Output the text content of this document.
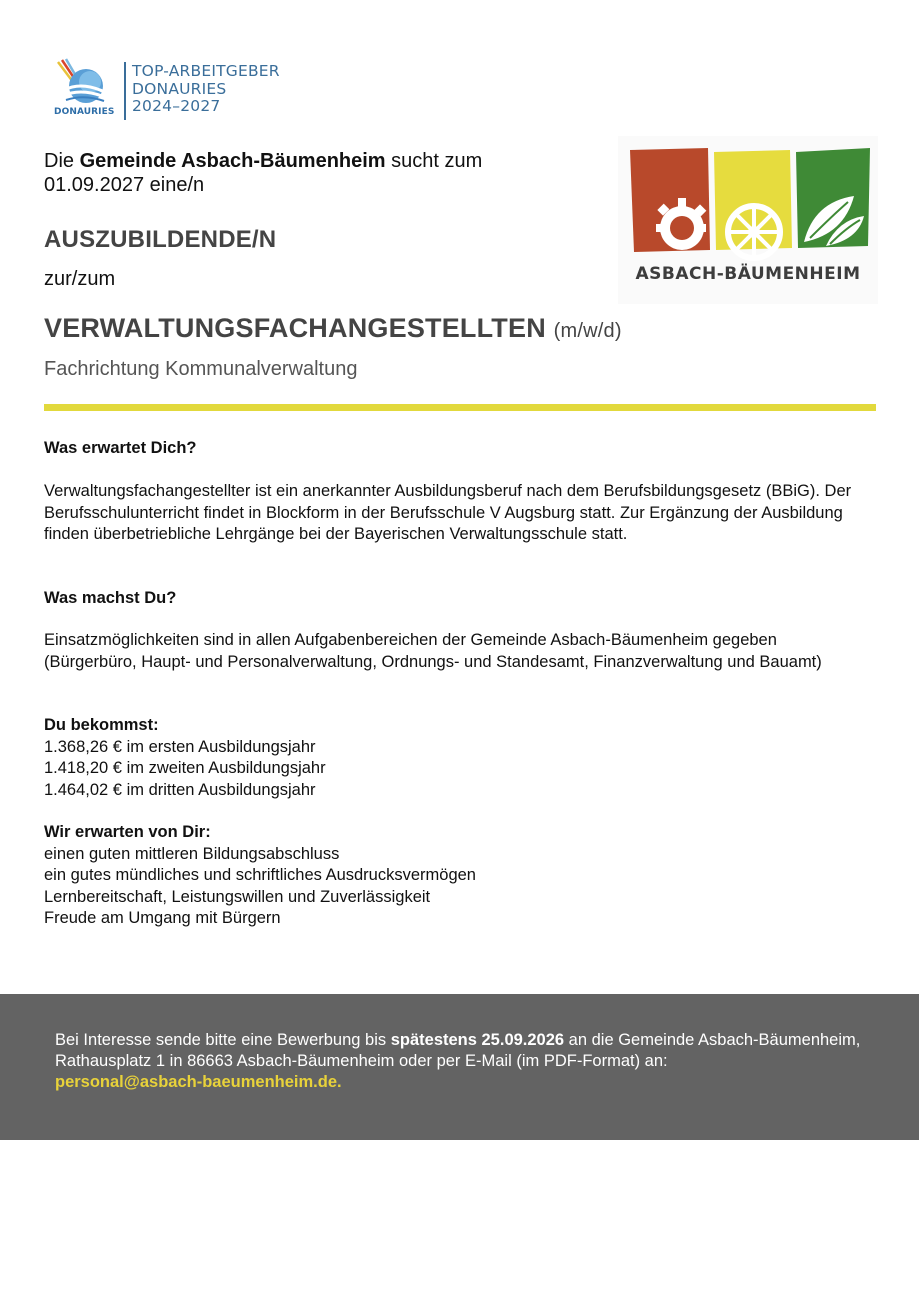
TOP-ARBEITGEBER
DONAURIES
2024–2027
DONAURIES
ASBACH-BÄUMENHEIM
Die Gemeinde Asbach-Bäumenheim sucht zum
01.09.2027 eine/n
AUSZUBILDENDE/N
zur/zum
VERWALTUNGSFACHANGESTELLTEN (m/w/d)
Fachrichtung Kommunalverwaltung

Was erwartet Dich?

Verwaltungsfachangestellter ist ein anerkannter Ausbildungsberuf nach dem Berufsbildungsgesetz (BBiG). Der Berufsschulunterricht findet in Blockform in der Berufsschule V Augsburg statt. Zur Ergänzung der Ausbildung finden überbetriebliche Lehrgänge bei der Bayerischen Verwaltungsschule statt.

Was machst Du?

Einsatzmöglichkeiten sind in allen Aufgabenbereichen der Gemeinde Asbach-Bäumenheim gegeben (Bürgerbüro, Haupt- und Personalverwaltung, Ordnungs- und Standesamt, Finanzverwaltung und Bauamt)

Du bekommst:

1.368,26 € im ersten Ausbildungsjahr

1.418,20 € im zweiten Ausbildungsjahr

1.464,02 € im dritten Ausbildungsjahr

Wir erwarten von Dir:

einen guten mittleren Bildungsabschluss

ein gutes mündliches und schriftliches Ausdrucksvermögen

Lernbereitschaft, Leistungswillen und Zuverlässigkeit

Freude am Umgang mit Bürgern

Bei Interesse sende bitte eine Bewerbung bis spätestens 25.09.2026 an die Gemeinde Asbach-Bäumenheim, Rathausplatz 1 in 86663 Asbach-Bäumenheim oder per E-Mail (im PDF-Format) an:
personal@asbach-baeumenheim.de.
